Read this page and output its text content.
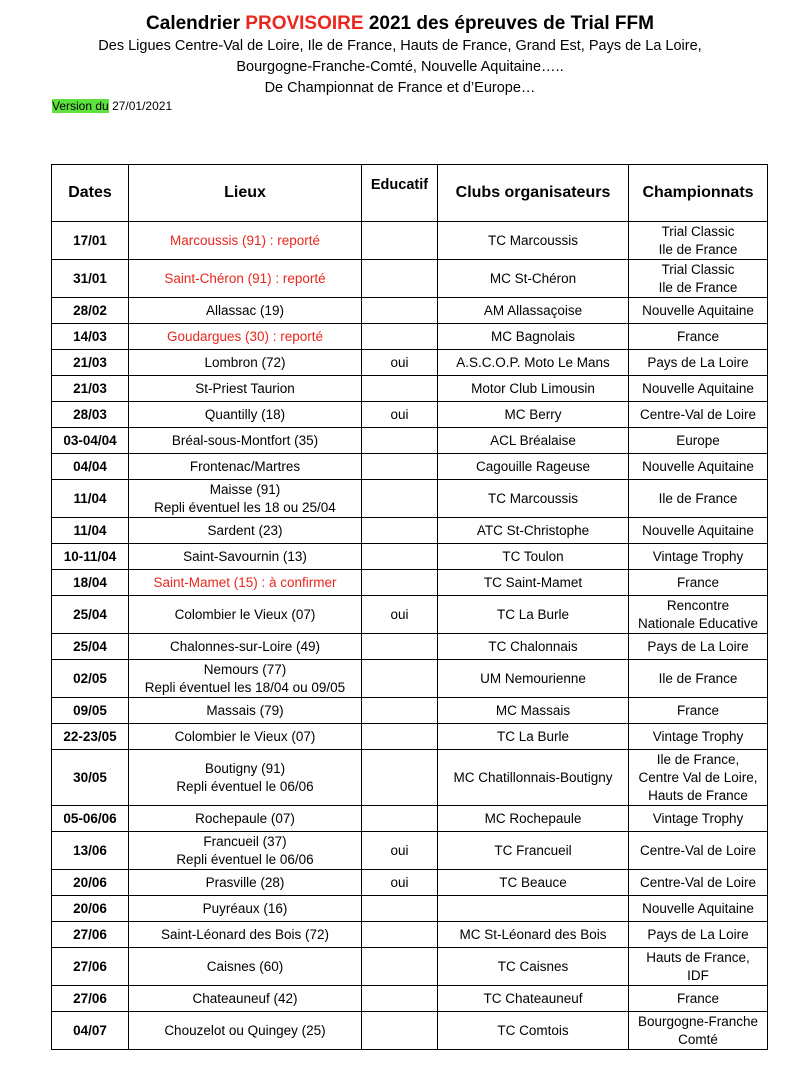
Calendrier PROVISOIRE 2021 des épreuves de Trial FFM
Des Ligues Centre-Val de Loire, Ile de France, Hauts de France, Grand Est, Pays de La Loire,
Bourgogne-Franche-Comté, Nouvelle Aquitaine…..
De Championnat de France et d’Europe…
Version du 27/01/2021
Dates	Lieux	Educatif	Clubs organisateurs	Championnats
17/01	Marcoussis (91) : reporté		TC Marcoussis	Trial Classic
Ile de France
31/01	Saint-Chéron (91) : reporté		MC St-Chéron	Trial Classic
Ile de France
28/02	Allassac (19)		AM Allassaçoise	Nouvelle Aquitaine
14/03	Goudargues (30) : reporté		MC Bagnolais	France
21/03	Lombron (72)	oui	A.S.C.O.P. Moto Le Mans	Pays de La Loire
21/03	St-Priest Taurion		Motor Club Limousin	Nouvelle Aquitaine
28/03	Quantilly (18)	oui	MC Berry	Centre-Val de Loire
03-04/04	Bréal-sous-Montfort (35)		ACL Bréalaise	Europe
04/04	Frontenac/Martres		Cagouille Rageuse	Nouvelle Aquitaine
11/04	Maisse (91)
Repli éventuel les 18 ou 25/04		TC Marcoussis	Ile de France
11/04	Sardent (23)		ATC St-Christophe	Nouvelle Aquitaine
10-11/04	Saint-Savournin (13)		TC Toulon	Vintage Trophy
18/04	Saint-Mamet (15) : à confirmer		TC Saint-Mamet	France
25/04	Colombier le Vieux (07)	oui	TC La Burle	Rencontre
Nationale Educative
25/04	Chalonnes-sur-Loire (49)		TC Chalonnais	Pays de La Loire
02/05	Nemours (77)
Repli éventuel les 18/04 ou 09/05		UM Nemourienne	Ile de France
09/05	Massais (79)		MC Massais	France
22-23/05	Colombier le Vieux (07)		TC La Burle	Vintage Trophy
30/05	Boutigny (91)
Repli éventuel le 06/06		MC Chatillonnais-Boutigny	Ile de France,
Centre Val de Loire,
Hauts de France
05-06/06	Rochepaule (07)		MC Rochepaule	Vintage Trophy
13/06	Francueil (37)
Repli éventuel le 06/06	oui	TC Francueil	Centre-Val de Loire
20/06	Prasville (28)	oui	TC Beauce	Centre-Val de Loire
20/06	Puyréaux (16)			Nouvelle Aquitaine
27/06	Saint-Léonard des Bois (72)		MC St-Léonard des Bois	Pays de La Loire
27/06	Caisnes (60)		TC Caisnes	Hauts de France,
IDF
27/06	Chateauneuf (42)		TC Chateauneuf	France
04/07	Chouzelot ou Quingey (25)		TC Comtois	Bourgogne-Franche
Comté
